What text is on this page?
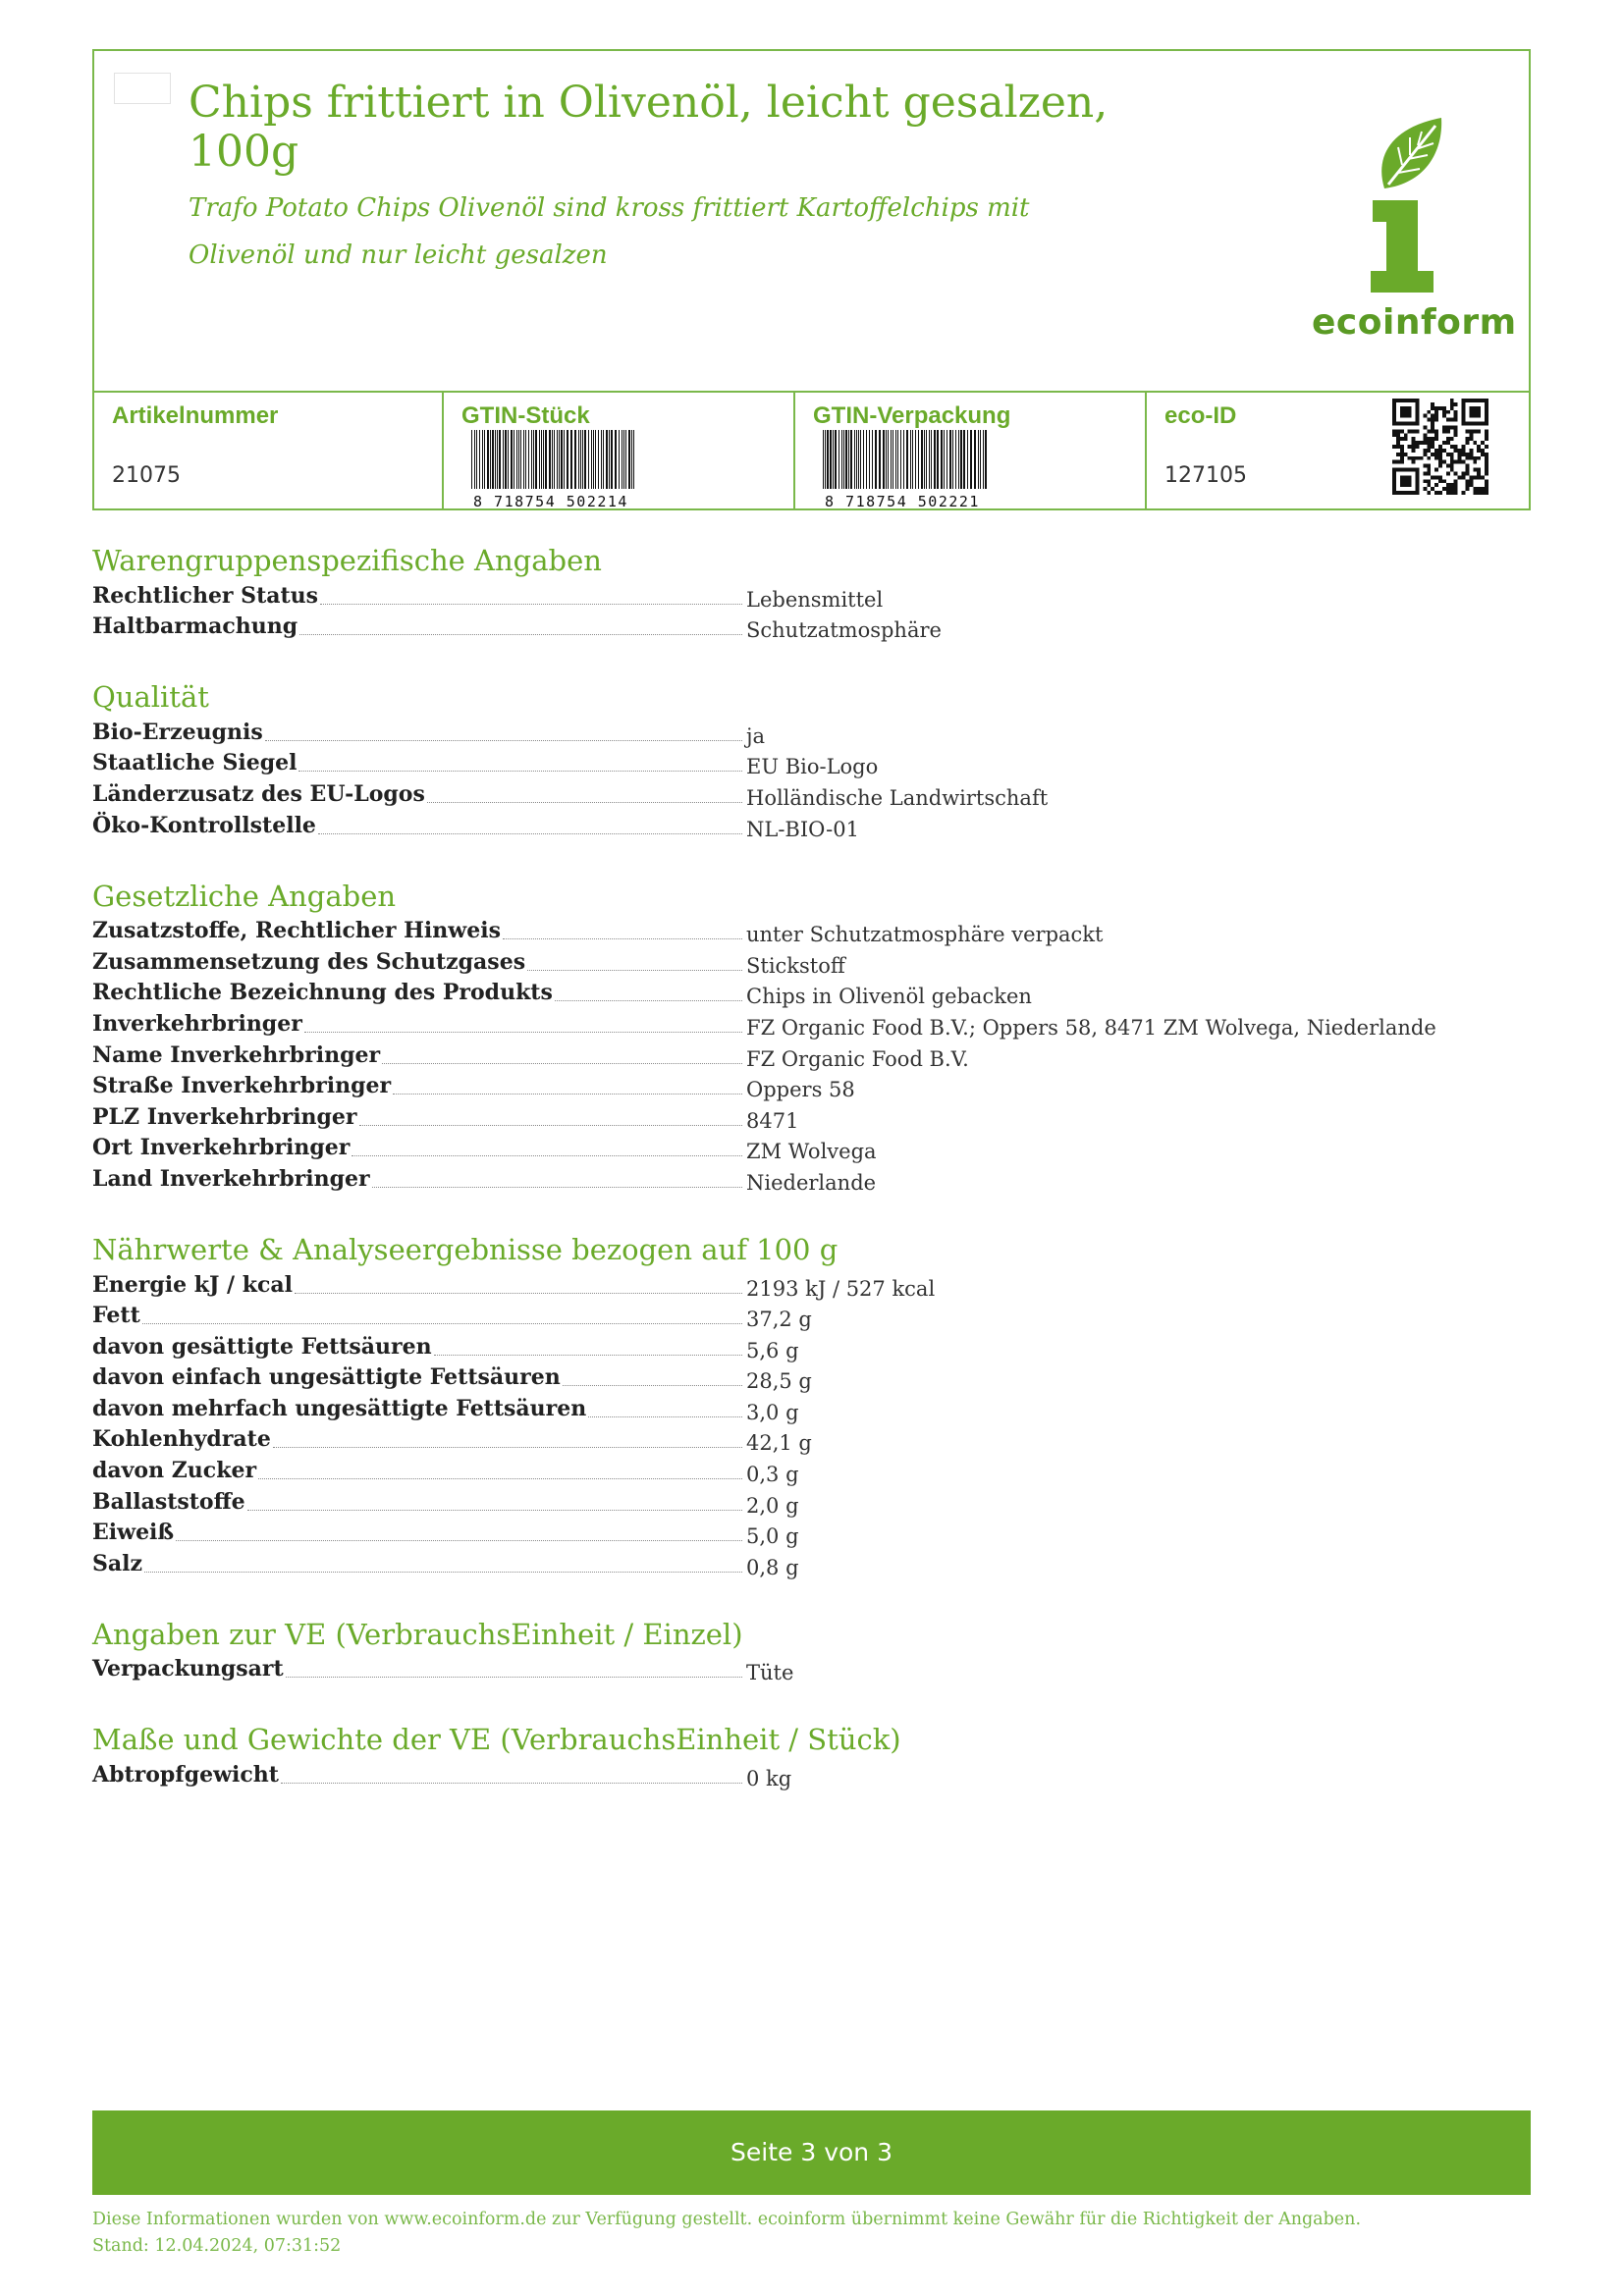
Chips frittiert in Olivenöl, leicht gesalzen, 100g

Trafo Potato Chips Olivenöl sind kross frittiert Kartoffelchips mit Olivenöl und nur leicht gesalzen

ecoinform
Artikelnummer
21075
GTIN-Stück
8 718754 502214
GTIN-Verpackung
8 718754 502221
eco-ID
127105
Warengruppenspezifische Angaben
Rechtlicher Status	Lebensmittel
Haltbarmachung	Schutzatmosphäre
Qualität
Bio-Erzeugnis	ja
Staatliche Siegel	EU Bio-Logo
Länderzusatz des EU-Logos	Holländische Landwirtschaft
Öko-Kontrollstelle	NL-BIO-01
Gesetzliche Angaben
Zusatzstoffe, Rechtlicher Hinweis	unter Schutzatmosphäre verpackt
Zusammensetzung des Schutzgases	Stickstoff
Rechtliche Bezeichnung des Produkts	Chips in Olivenöl gebacken
Inverkehrbringer	FZ Organic Food B.V.; Oppers 58, 8471 ZM Wolvega, Niederlande
Name Inverkehrbringer	FZ Organic Food B.V.
Straße Inverkehrbringer	Oppers 58
PLZ Inverkehrbringer	8471
Ort Inverkehrbringer	ZM Wolvega
Land Inverkehrbringer	Niederlande
Nährwerte & Analyseergebnisse bezogen auf 100 g
Energie kJ / kcal	2193 kJ / 527 kcal
Fett	37,2 g
davon gesättigte Fettsäuren	5,6 g
davon einfach ungesättigte Fettsäuren	28,5 g
davon mehrfach ungesättigte Fettsäuren	3,0 g
Kohlenhydrate	42,1 g
davon Zucker	0,3 g
Ballaststoffe	2,0 g
Eiweiß	5,0 g
Salz	0,8 g
Angaben zur VE (VerbrauchsEinheit / Einzel)
Verpackungsart	Tüte
Maße und Gewichte der VE (VerbrauchsEinheit / Stück)
Abtropfgewicht	0 kg
Seite 3 von 3
Diese Informationen wurden von www.ecoinform.de zur Verfügung gestellt. ecoinform übernimmt keine Gewähr für die Richtigkeit der Angaben.
Stand: 12.04.2024, 07:31:52
